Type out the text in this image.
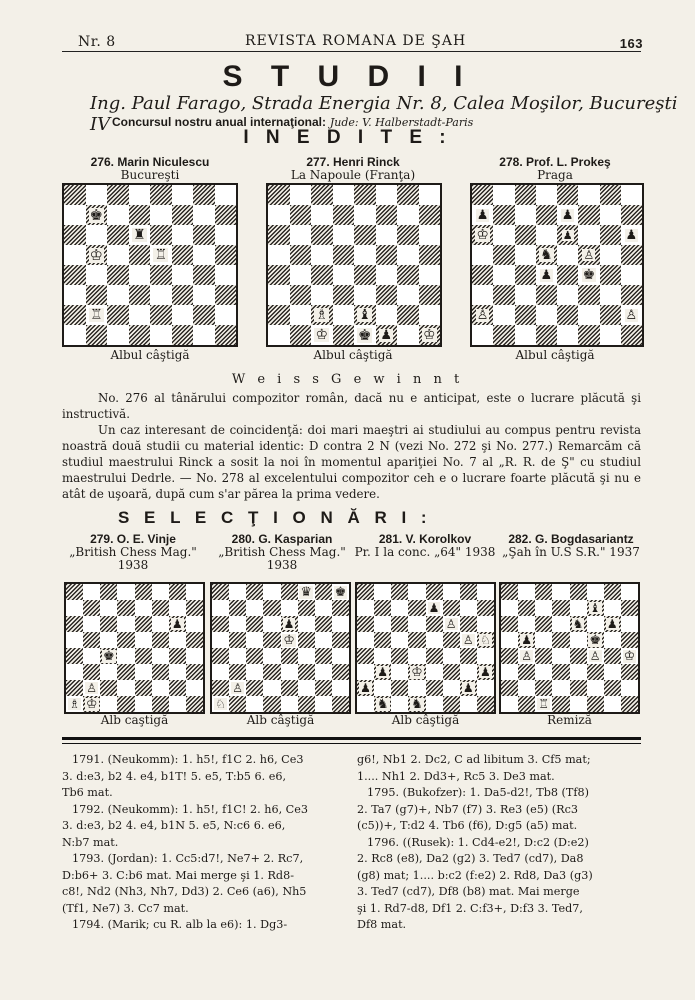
Nr. 8	REVISTA ROMANA DE ŞAH	163
S T U D I I
Ing. Paul Farago, Strada Energia Nr. 8, Calea Moşilor, Bucureşti IV Concursul nostru anual internaţional: Jude: V. Halberstadt-Paris
I N E D I T E :
276. Marin Niculescu
Bucureşti
277. Henri Rinck
La Napoule (Franţa)
278. Prof. L. Prokeş
Praga
♚
♜
♔	♖
♖	♗ ♝
♔ ♚ ♟ ♔
♟	♟
♔	♟	♟
♞	♙
♟ ♚
♙	♙
Albul câştigă	Albul câştigă	Albul câştigă
W e i s s G e w i n n t
No. 276 al tânărului compozitor român, dacă nu e anticipat, este o lucrare plăcută şi instructivă.
Un caz interesant de coincidenţă: doi mari maeştri ai studiului au compus pentru revista noastră două studii cu material identic: D contra 2 N (vezi No. 272 şi No. 277.) Remarcăm că studiul maestrului Rinck a sosit la noi în momentul apariţiei No. 7 al „R. R. de Ş" cu studiul maestrului Dedrle. — No. 278 al excelentului compozitor ceh e o lucrare foarte plăcută şi nu e atât de uşoară, după cum s'ar părea la prima vedere.
S E L E C Ţ I O N Ă R I :
279. O. E. Vinje
„British Chess Mag."
1938
280. G. Kasparian
„British Chess Mag."
1938
281. V. Korolkov
Pr. I la conc. „64" 1938
282. G. Bogdasariantz
„Şah în U.S S.R." 1937
♟
♚
♙
♗ ♔
♛ ♚
♟
♔
♙
♘
♟
♙
♙ ♘
♟ ♔	♟
♟	♟
♞ ♞
♝
♞ ♟
♟	♚
♙	♙ ♔
♖
Alb caştigă	Alb câştigă	Alb câştigă	Remiză
1791. (Neukomm): 1. h5!, f1C 2. h6, Ce3
3. d:e3, b2 4. e4, b1T! 5. e5, T:b5 6. e6,
Tb6 mat.
1792. (Neukomm): 1. h5!, f1C! 2. h6, Ce3
3. d:e3, b2 4. e4, b1N 5. e5, N:c6 6. e6,
N:b7 mat.
1793. (Jordan): 1. Cc5:d7!, Ne7+ 2. Rc7,
D:b6+ 3. C:b6 mat. Mai merge şi 1. Rd8-
c8!, Nd2 (Nh3, Nh7, Dd3) 2. Ce6 (a6), Nh5
(Tf1, Ne7) 3. Cc7 mat.
1794. (Marik; cu R. alb la e6): 1. Dg3-
g6!, Nb1 2. Dc2, C ad libitum 3. Cf5 mat;
1.... Nh1 2. Dd3+, Rc5 3. De3 mat.
1795. (Bukofzer): 1. Da5-d2!, Tb8 (Tf8)
2. Ta7 (g7)+, Nb7 (f7) 3. Re3 (e5) (Rc3
(c5))+, T:d2 4. Tb6 (f6), D:g5 (a5) mat.
1796. ((Rusek): 1. Cd4-e2!, D:c2 (D:e2)
2. Rc8 (e8), Da2 (g2) 3. Ted7 (cd7), Da8
(g8) mat; 1.... b:c2 (f:e2) 2. Rd8, Da3 (g3)
3. Ted7 (cd7), Df8 (b8) mat. Mai merge
şi 1. Rd7-d8, Df1 2. C:f3+, D:f3 3. Ted7,
Df8 mat.
